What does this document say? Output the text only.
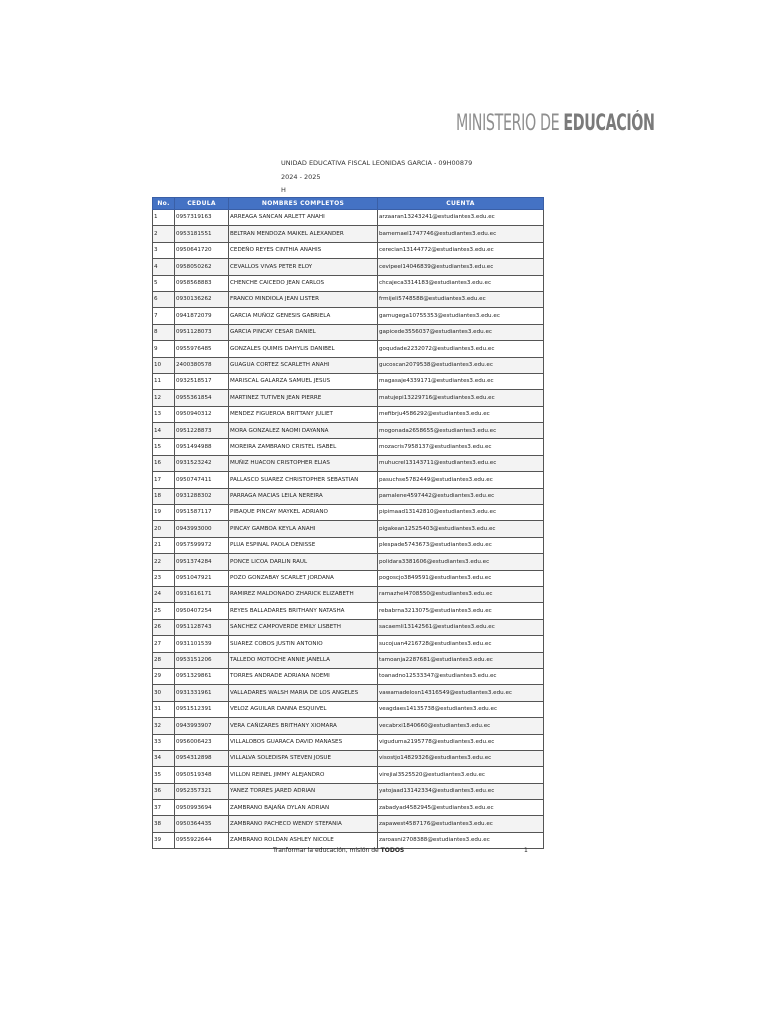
MINISTERIO DE EDUCACIÓN
UNIDAD EDUCATIVA FISCAL LEONIDAS GARCIA - 09H00879
2024 - 2025
H
No.	CEDULA	NOMBRES COMPLETOS	CUENTA
1	0957319163	ARREAGA SANCAN ARLETT ANAHI	arzaaran13243241@estudiantes3.edu.ec
2	0953181551	BELTRAN MENDOZA MAIKEL ALEXANDER	bamemael1747746@estudiantes3.edu.ec
3	0950641720	CEDEÑO REYES CINTHIA ANAHIS	cerecian13144772@estudiantes3.edu.ec
4	0958050262	CEVALLOS VIVAS PETER ELOY	cevipeel14046839@estudiantes3.edu.ec
5	0958568883	CHENCHE CAICEDO JEAN CARLOS	chcajeca3314183@estudiantes3.edu.ec
6	0930136262	FRANCO MINDIOLA JEAN LISTER	frmijeli5748588@estudiantes3.edu.ec
7	0941872079	GARCIA MUÑOZ GENESIS GABRIELA	gamugega10755353@estudiantes3.edu.ec
8	0951128073	GARCIA PINCAY CESAR DANIEL	gapicede3556037@estudiantes3.edu.ec
9	0955976485	GONZALES QUIMIS DAHYLIS DANIBEL	goqudade2232072@estudiantes3.edu.ec
10	2400380578	GUAGUA CORTEZ SCARLETH ANAHI	gucoscan2079538@estudiantes3.edu.ec
11	0932518517	MARISCAL GALARZA SAMUEL JESUS	magasaje4339171@estudiantes3.edu.ec
12	0955361854	MARTINEZ TUTIVEN JEAN PIERRE	matujepi13229716@estudiantes3.edu.ec
13	0950940312	MENDEZ FIGUEROA BRITTANY JULIET	mefibrju4586292@estudiantes3.edu.ec
14	0951228873	MORA GONZALEZ NAOMI DAYANNA	mogonada2658655@estudiantes3.edu.ec
15	0951494988	MOREIRA ZAMBRANO CRISTEL ISABEL	mozacris7958137@estudiantes3.edu.ec
16	0931523242	MUÑIZ HUACON CRISTOPHER ELIAS	muhucrel13143711@estudiantes3.edu.ec
17	0950747411	PALLASCO SUAREZ CHRISTOPHER SEBASTIAN	pasuchse5782449@estudiantes3.edu.ec
18	0931288302	PARRAGA MACIAS LEILA NEREIRA	pamalene4597442@estudiantes3.edu.ec
19	0951587117	PIBAQUE PINCAY MAYKEL ADRIANO	pipimaad13142810@estudiantes3.edu.ec
20	0943993000	PINCAY GAMBOA KEYLA ANAHI	pigakean12525403@estudiantes3.edu.ec
21	0957599972	PLUA ESPINAL PAOLA DENISSE	plespade5743673@estudiantes3.edu.ec
22	0951374284	PONCE LICOA DARLIN RAUL	polidara3381606@estudiantes3.edu.ec
23	0951047921	POZO GONZABAY SCARLET JORDANA	pogoscjo3849591@estudiantes3.edu.ec
24	0931616171	RAMIREZ MALDONADO ZHARICK ELIZABETH	ramazhel4708550@estudiantes3.edu.ec
25	0950407254	REYES BALLADARES BRITHANY NATASHA	rebabrna3213075@estudiantes3.edu.ec
26	0951128743	SANCHEZ CAMPOVERDE EMILY LISBETH	sacaemli13142561@estudiantes3.edu.ec
27	0931101539	SUAREZ COBOS JUSTIN ANTONIO	sucojuan4216728@estudiantes3.edu.ec
28	0953151206	TALLEDO MOTOCHE ANNIE JANELLA	tamoanja2287681@estudiantes3.edu.ec
29	0951329861	TORRES ANDRADE ADRIANA NOEMI	toanadno12533347@estudiantes3.edu.ec
30	0931331961	VALLADARES WALSH MARIA DE LOS ANGELES	vawamadelosn14316549@estudiantes3.edu.ec
31	0951512391	VELOZ AGUILAR DANNA ESQUIVEL	veagdaes14135738@estudiantes3.edu.ec
32	0943993907	VERA CAÑIZARES BRITHANY XIOMARA	vecabrxi1840660@estudiantes3.edu.ec
33	0956006423	VILLALOBOS GUARACA DAVID MANASES	viguduma2195778@estudiantes3.edu.ec
34	0954312898	VILLALVA SOLEDISPA STEVEN JOSUE	visostjo14829326@estudiantes3.edu.ec
35	0950519348	VILLON REINEL JIMMY ALEJANDRO	virejial3525520@estudiantes3.edu.ec
36	0952357321	YANEZ TORRES JARED ADRIAN	yatojaad13142334@estudiantes3.edu.ec
37	0950993694	ZAMBRANO BAJAÑA DYLAN ADRIAN	zabadyad4582945@estudiantes3.edu.ec
38	0950364435	ZAMBRANO PACHECO WENDY STEFANIA	zapawest4587176@estudiantes3.edu.ec
39	0955922644	ZAMBRANO ROLDAN ASHLEY NICOLE	zaroasni2708388@estudiantes3.edu.ec
Tranformar la educación, misión de TODOS	1
